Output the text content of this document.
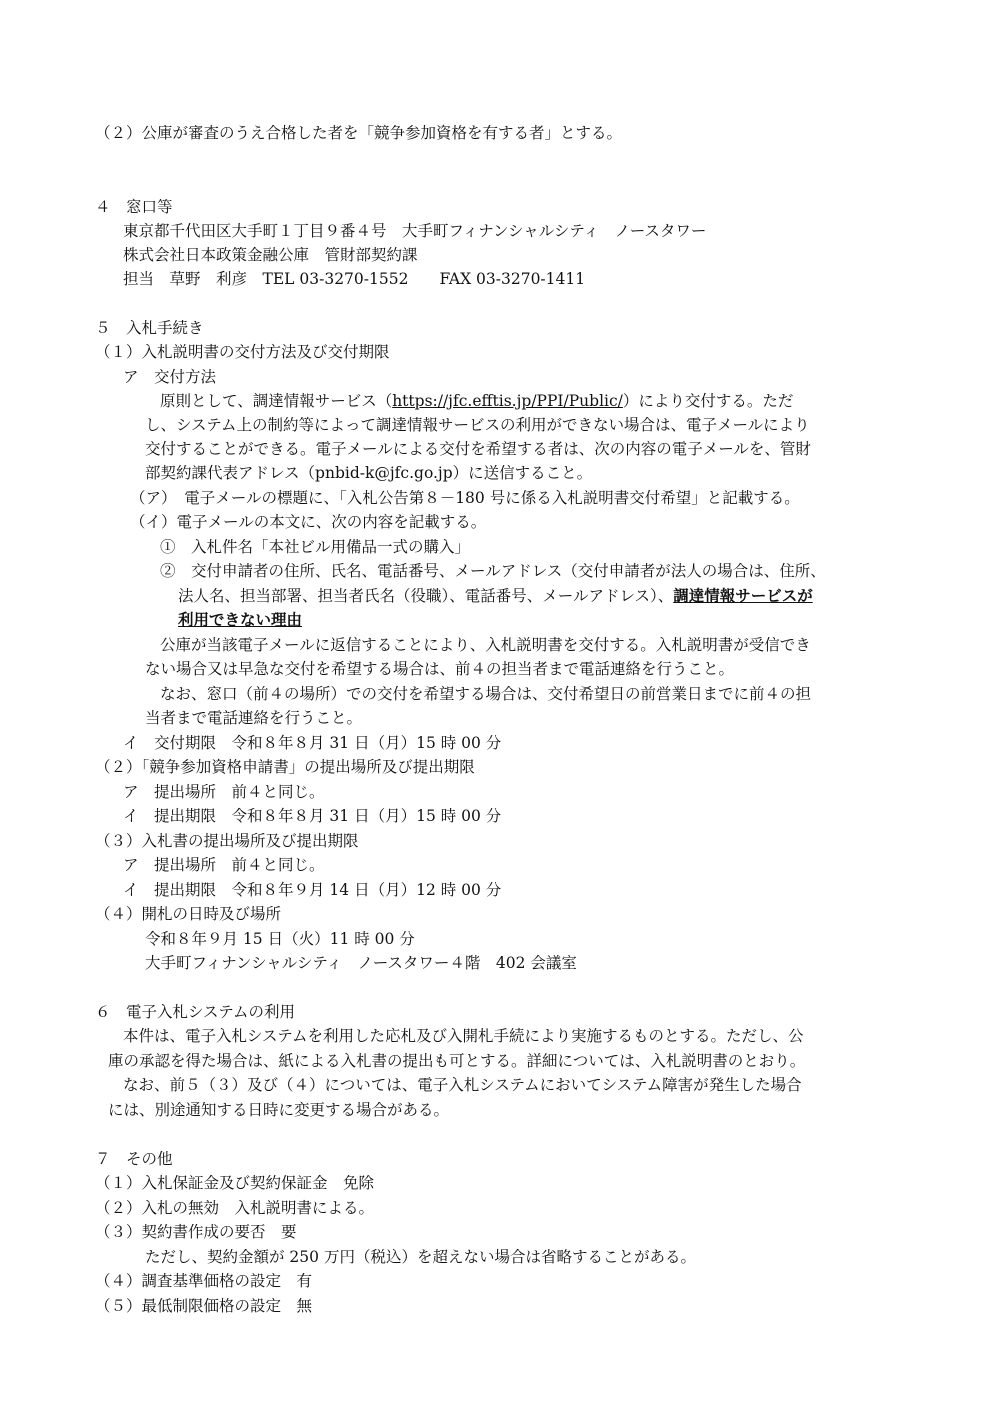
（２）公庫が審査のうえ合格した者を「競争参加資格を有する者」とする。

４　窓口等

東京都千代田区大手町１丁目９番４号　大手町フィナンシャルシティ　ノースタワー

株式会社日本政策金融公庫　管財部契約課

担当　草野　利彦　TEL 03-3270-1552　　FAX 03-3270-1411

５　入札手続き

（１）入札説明書の交付方法及び交付期限

ア　交付方法

原則として、調達情報サービス（https://jfc.efftis.jp/PPI/Public/）により交付する。ただ

し、システム上の制約等によって調達情報サービスの利用ができない場合は、電子メールにより

交付することができる。電子メールによる交付を希望する者は、次の内容の電子メールを、管財

部契約課代表アドレス（pnbid-k@jfc.go.jp）に送信すること。

（ア）　電子メールの標題に、「入札公告第８－180 号に係る入札説明書交付希望」と記載する。

（イ）電子メールの本文に、次の内容を記載する。

①　入札件名「本社ビル用備品一式の購入」

②　交付申請者の住所、氏名、電話番号、メールアドレス（交付申請者が法人の場合は、住所、

法人名、担当部署、担当者氏名（役職）、電話番号、メールアドレス）、調達情報サービスが

利用できない理由

公庫が当該電子メールに返信することにより、入札説明書を交付する。入札説明書が受信でき

ない場合又は早急な交付を希望する場合は、前４の担当者まで電話連絡を行うこと。

なお、窓口（前４の場所）での交付を希望する場合は、交付希望日の前営業日までに前４の担

当者まで電話連絡を行うこと。

イ　交付期限　令和８年８月 31 日（月）15 時 00 分

（２）「競争参加資格申請書」の提出場所及び提出期限

ア　提出場所　前４と同じ。

イ　提出期限　令和８年８月 31 日（月）15 時 00 分

（３）入札書の提出場所及び提出期限

ア　提出場所　前４と同じ。

イ　提出期限　令和８年９月 14 日（月）12 時 00 分

（４）開札の日時及び場所

令和８年９月 15 日（火）11 時 00 分

大手町フィナンシャルシティ　ノースタワー４階　402 会議室

６　電子入札システムの利用

本件は、電子入札システムを利用した応札及び入開札手続により実施するものとする。ただし、公

庫の承認を得た場合は、紙による入札書の提出も可とする。詳細については、入札説明書のとおり。

なお、前５（３）及び（４）については、電子入札システムにおいてシステム障害が発生した場合

には、別途通知する日時に変更する場合がある。

７　その他

（１）入札保証金及び契約保証金　免除

（２）入札の無効　入札説明書による。

（３）契約書作成の要否　要

ただし、契約金額が 250 万円（税込）を超えない場合は省略することがある。

（４）調査基準価格の設定　有

（５）最低制限価格の設定　無
